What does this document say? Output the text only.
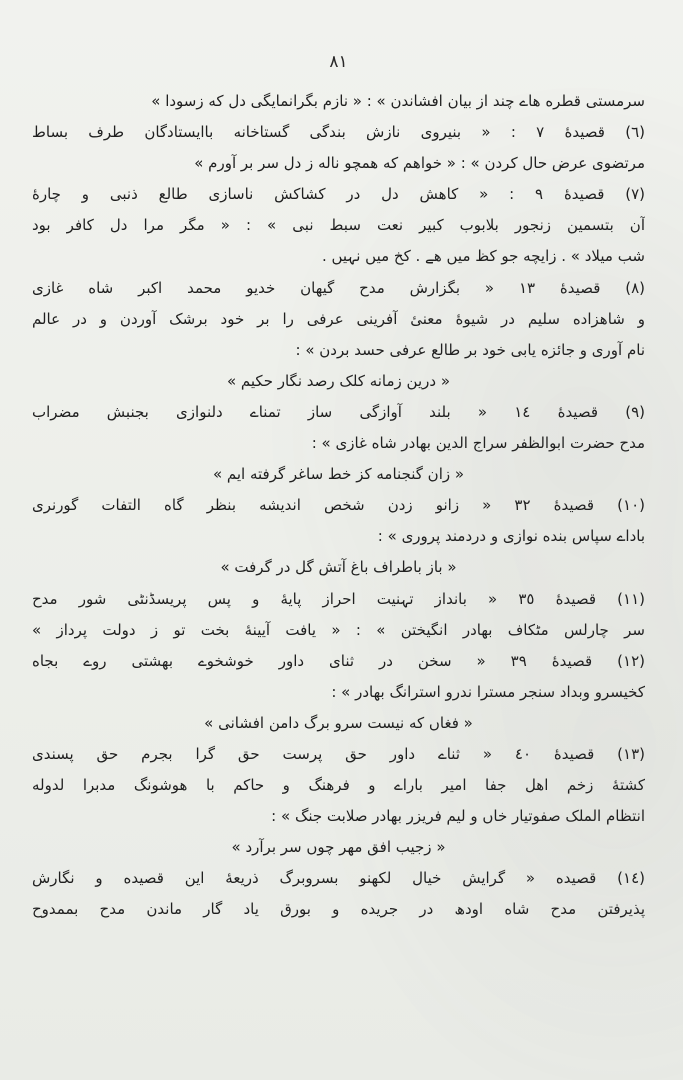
٨١
سرمستی قطره هاے چند از بیان افشاندن » : « نازم بگرانمایگی دل که زسودا »
(٦) قصیدهٔ ٧ : « بنیروی نازش بندگی گستاخانه باایستادگان طرف بساط
مرتضوی عرض حال کردن » : « خواهم که همچو ناله ز دل سر بر آورم »
(٧) قصیدهٔ ٩ : « کاهش دل در کشاکش ناسازی طالع ذنبی و چارهٔ
آن بتسمین زنجور بلابوب کبیر نعت سبط نبی » : « مگر مرا دل کافر بود
شب میلاد » . زایچه جو کظ میں هے . کخ میں نہیں .
(٨) قصیدهٔ ١٣ « بگزارش مدح گیهان خدیو محمد اکبر شاه غازی
و شاهزاده سلیم در شیوهٔ معنیٔ آفرینی عرفی را بر خود برشک آوردن و در عالم
نام آوری و جائزه یابی خود بر طالع عرفی حسد بردن » :
« درین زمانه کلک رصد نگار حکیم »
(٩) قصیدهٔ ١٤ « بلند آوازگی ساز تمناے دلنوازی بجنبش مضراب
مدح حضرت ابوالظفر سراج الدین بهادر شاه غازی » :
« زان گنجنامه کز خط ساغر گرفته ایم »
(١٠) قصیدهٔ ٣٢ « زانو زدن شخص اندیشه بنظر گاه التفات گورنری
باداے سپاس بنده نوازی و دردمند پروری » :
« باز باطراف باغ آتش گل در گرفت »
(١١) قصیدهٔ ٣٥ « بانداز تہنیت احراز پایهٔ و پس پریسڈنٹی شور مدح
سر چارلس مٹکاف بهادر انگیختن » : « یافت آیینهٔ بخت تو ز دولت پرداز »
(١٢) قصیدهٔ ٣٩ « سخن در ثنای داور خوشخوے بهشتی روے بجاه
کخیسرو وبداد سنجر مسترا ندرو استرانگ بهادر » :
« فغاں که نیست سرو برگ دامن افشانی »
(١٣) قصیدهٔ ٤٠ « ثناے داور حق پرست حق گرا بجرم حق پسندی
کشتهٔ زخم اهل جفا امیر باراے و فرهنگ و حاکم با هوشونگ مدبرا لدوله
انتظام الملک صفوتیار خاں و لیم فریزر بهادر صلابت جنگ » :
« زجیب افق مهر چوں سر برآرد »
(١٤) قصیده « گرایش خیال لکهنو بسروبرگ ذریعهٔ این قصیده و نگارش
پذیرفتن مدح شاه اودھ در جریده و بورق یاد گار ماندن مدح بممدوح
